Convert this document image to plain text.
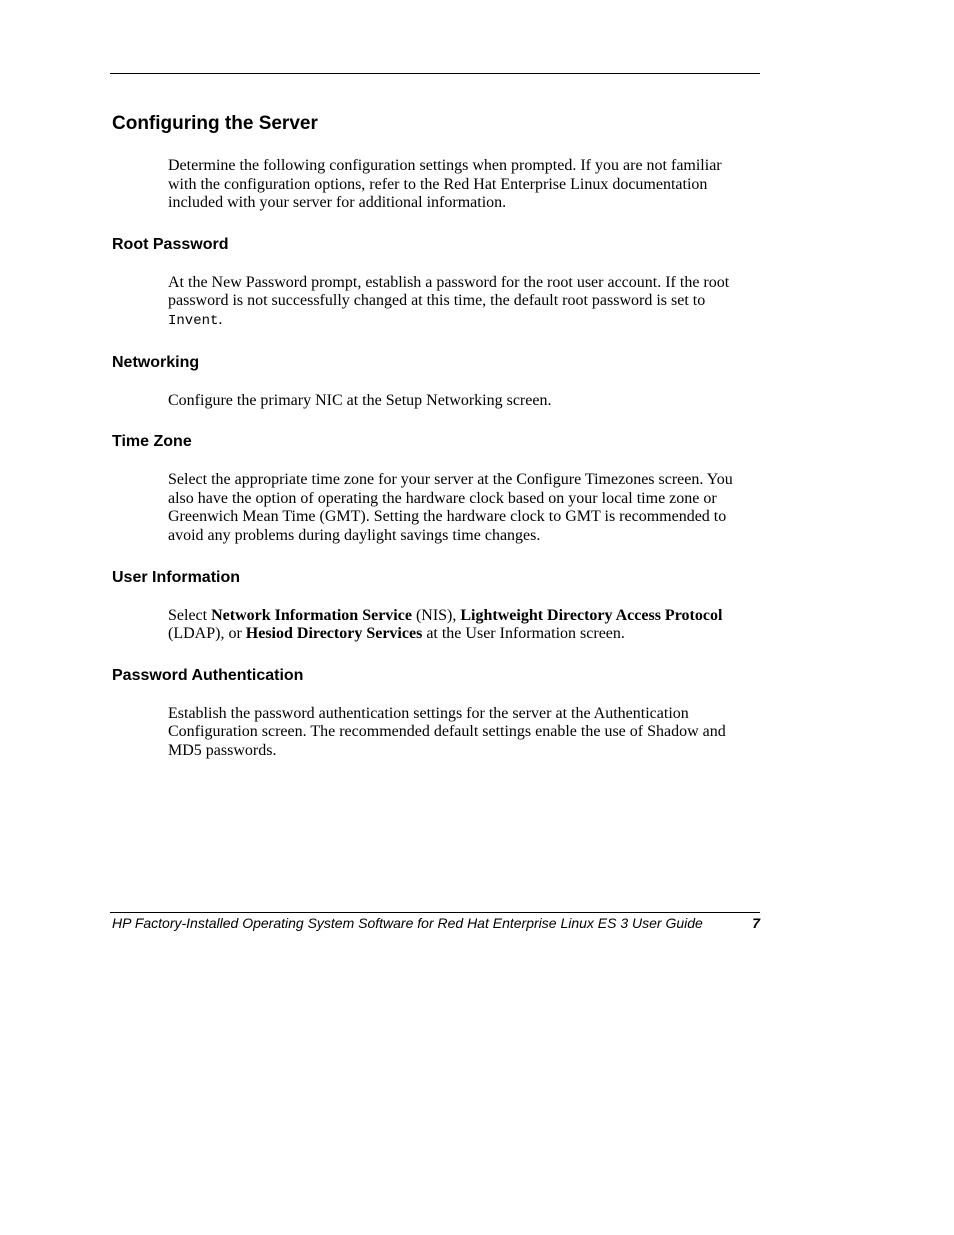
Configuring the Server

Determine the following configuration settings when prompted. If you are not familiar with the configuration options, refer to the Red Hat Enterprise Linux documentation included with your server for additional information.

Root Password

At the New Password prompt, establish a password for the root user account. If the root password is not successfully changed at this time, the default root password is set to Invent.

Networking

Configure the primary NIC at the Setup Networking screen.

Time Zone

Select the appropriate time zone for your server at the Configure Timezones screen. You also have the option of operating the hardware clock based on your local time zone or Greenwich Mean Time (GMT). Setting the hardware clock to GMT is recommended to avoid any problems during daylight savings time changes.

User Information

Select Network Information Service (NIS), Lightweight Directory Access Protocol (LDAP), or Hesiod Directory Services at the User Information screen.

Password Authentication

Establish the password authentication settings for the server at the Authentication Configuration screen. The recommended default settings enable the use of Shadow and MD5 passwords.

HP Factory-Installed Operating System Software for Red Hat Enterprise Linux ES 3 User Guide	7
